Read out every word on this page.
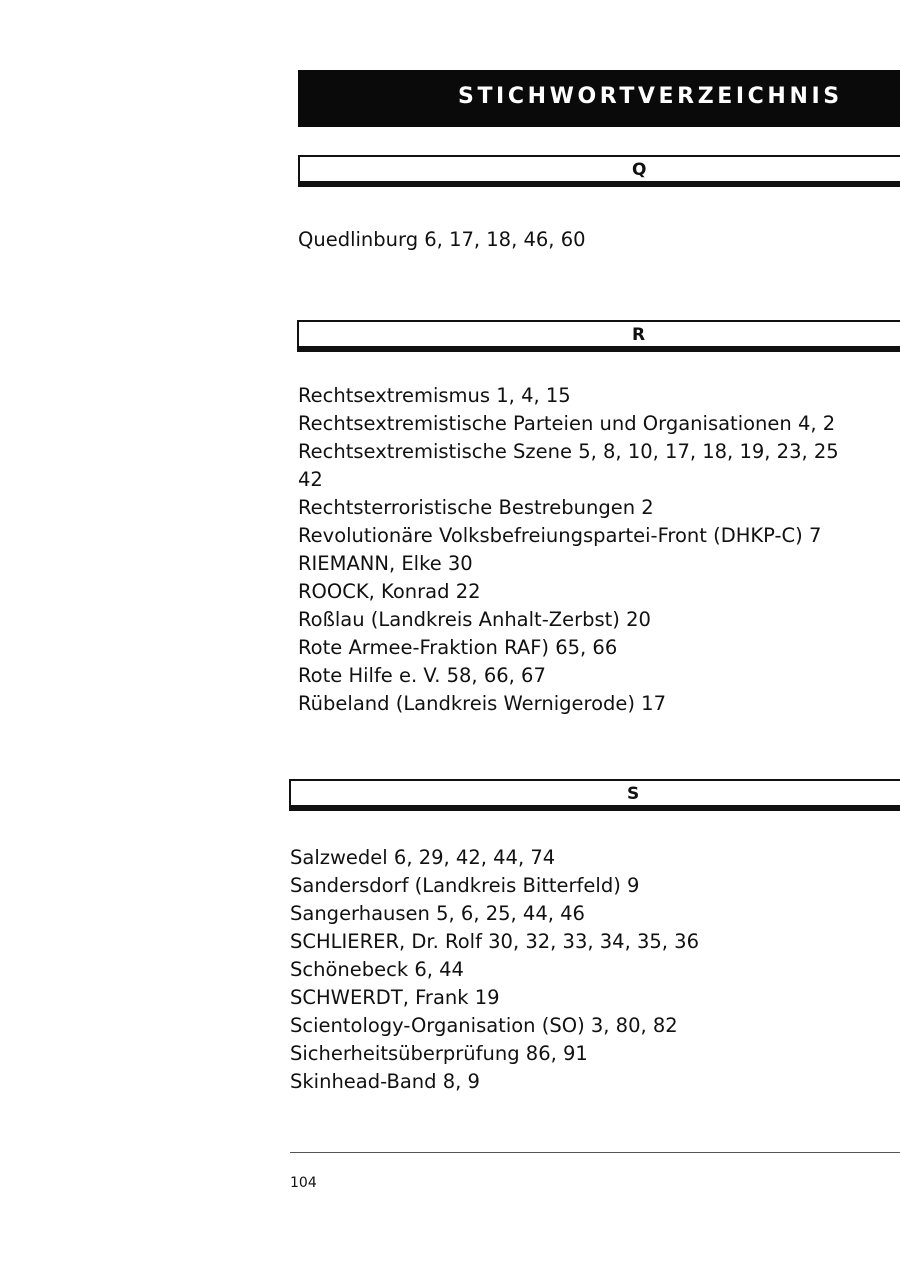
STICHWORTVERZEICHNIS
Q
Quedlinburg 6, 17, 18, 46, 60
R
Rechtsextremismus 1, 4, 15
Rechtsextremistische Parteien und Organisationen 4, 2
Rechtsextremistische Szene 5, 8, 10, 17, 18, 19, 23, 25
42
Rechtsterroristische Bestrebungen 2
Revolutionäre Volksbefreiungspartei-Front (DHKP-C) 7
RIEMANN, Elke 30
ROOCK, Konrad 22
Roßlau (Landkreis Anhalt-Zerbst) 20
Rote Armee-Fraktion RAF) 65, 66
Rote Hilfe e. V. 58, 66, 67
Rübeland (Landkreis Wernigerode) 17
S
Salzwedel 6, 29, 42, 44, 74
Sandersdorf (Landkreis Bitterfeld) 9
Sangerhausen 5, 6, 25, 44, 46
SCHLIERER, Dr. Rolf 30, 32, 33, 34, 35, 36
Schönebeck 6, 44
SCHWERDT, Frank 19
Scientology-Organisation (SO) 3, 80, 82
Sicherheitsüberprüfung 86, 91
Skinhead-Band 8, 9
104
